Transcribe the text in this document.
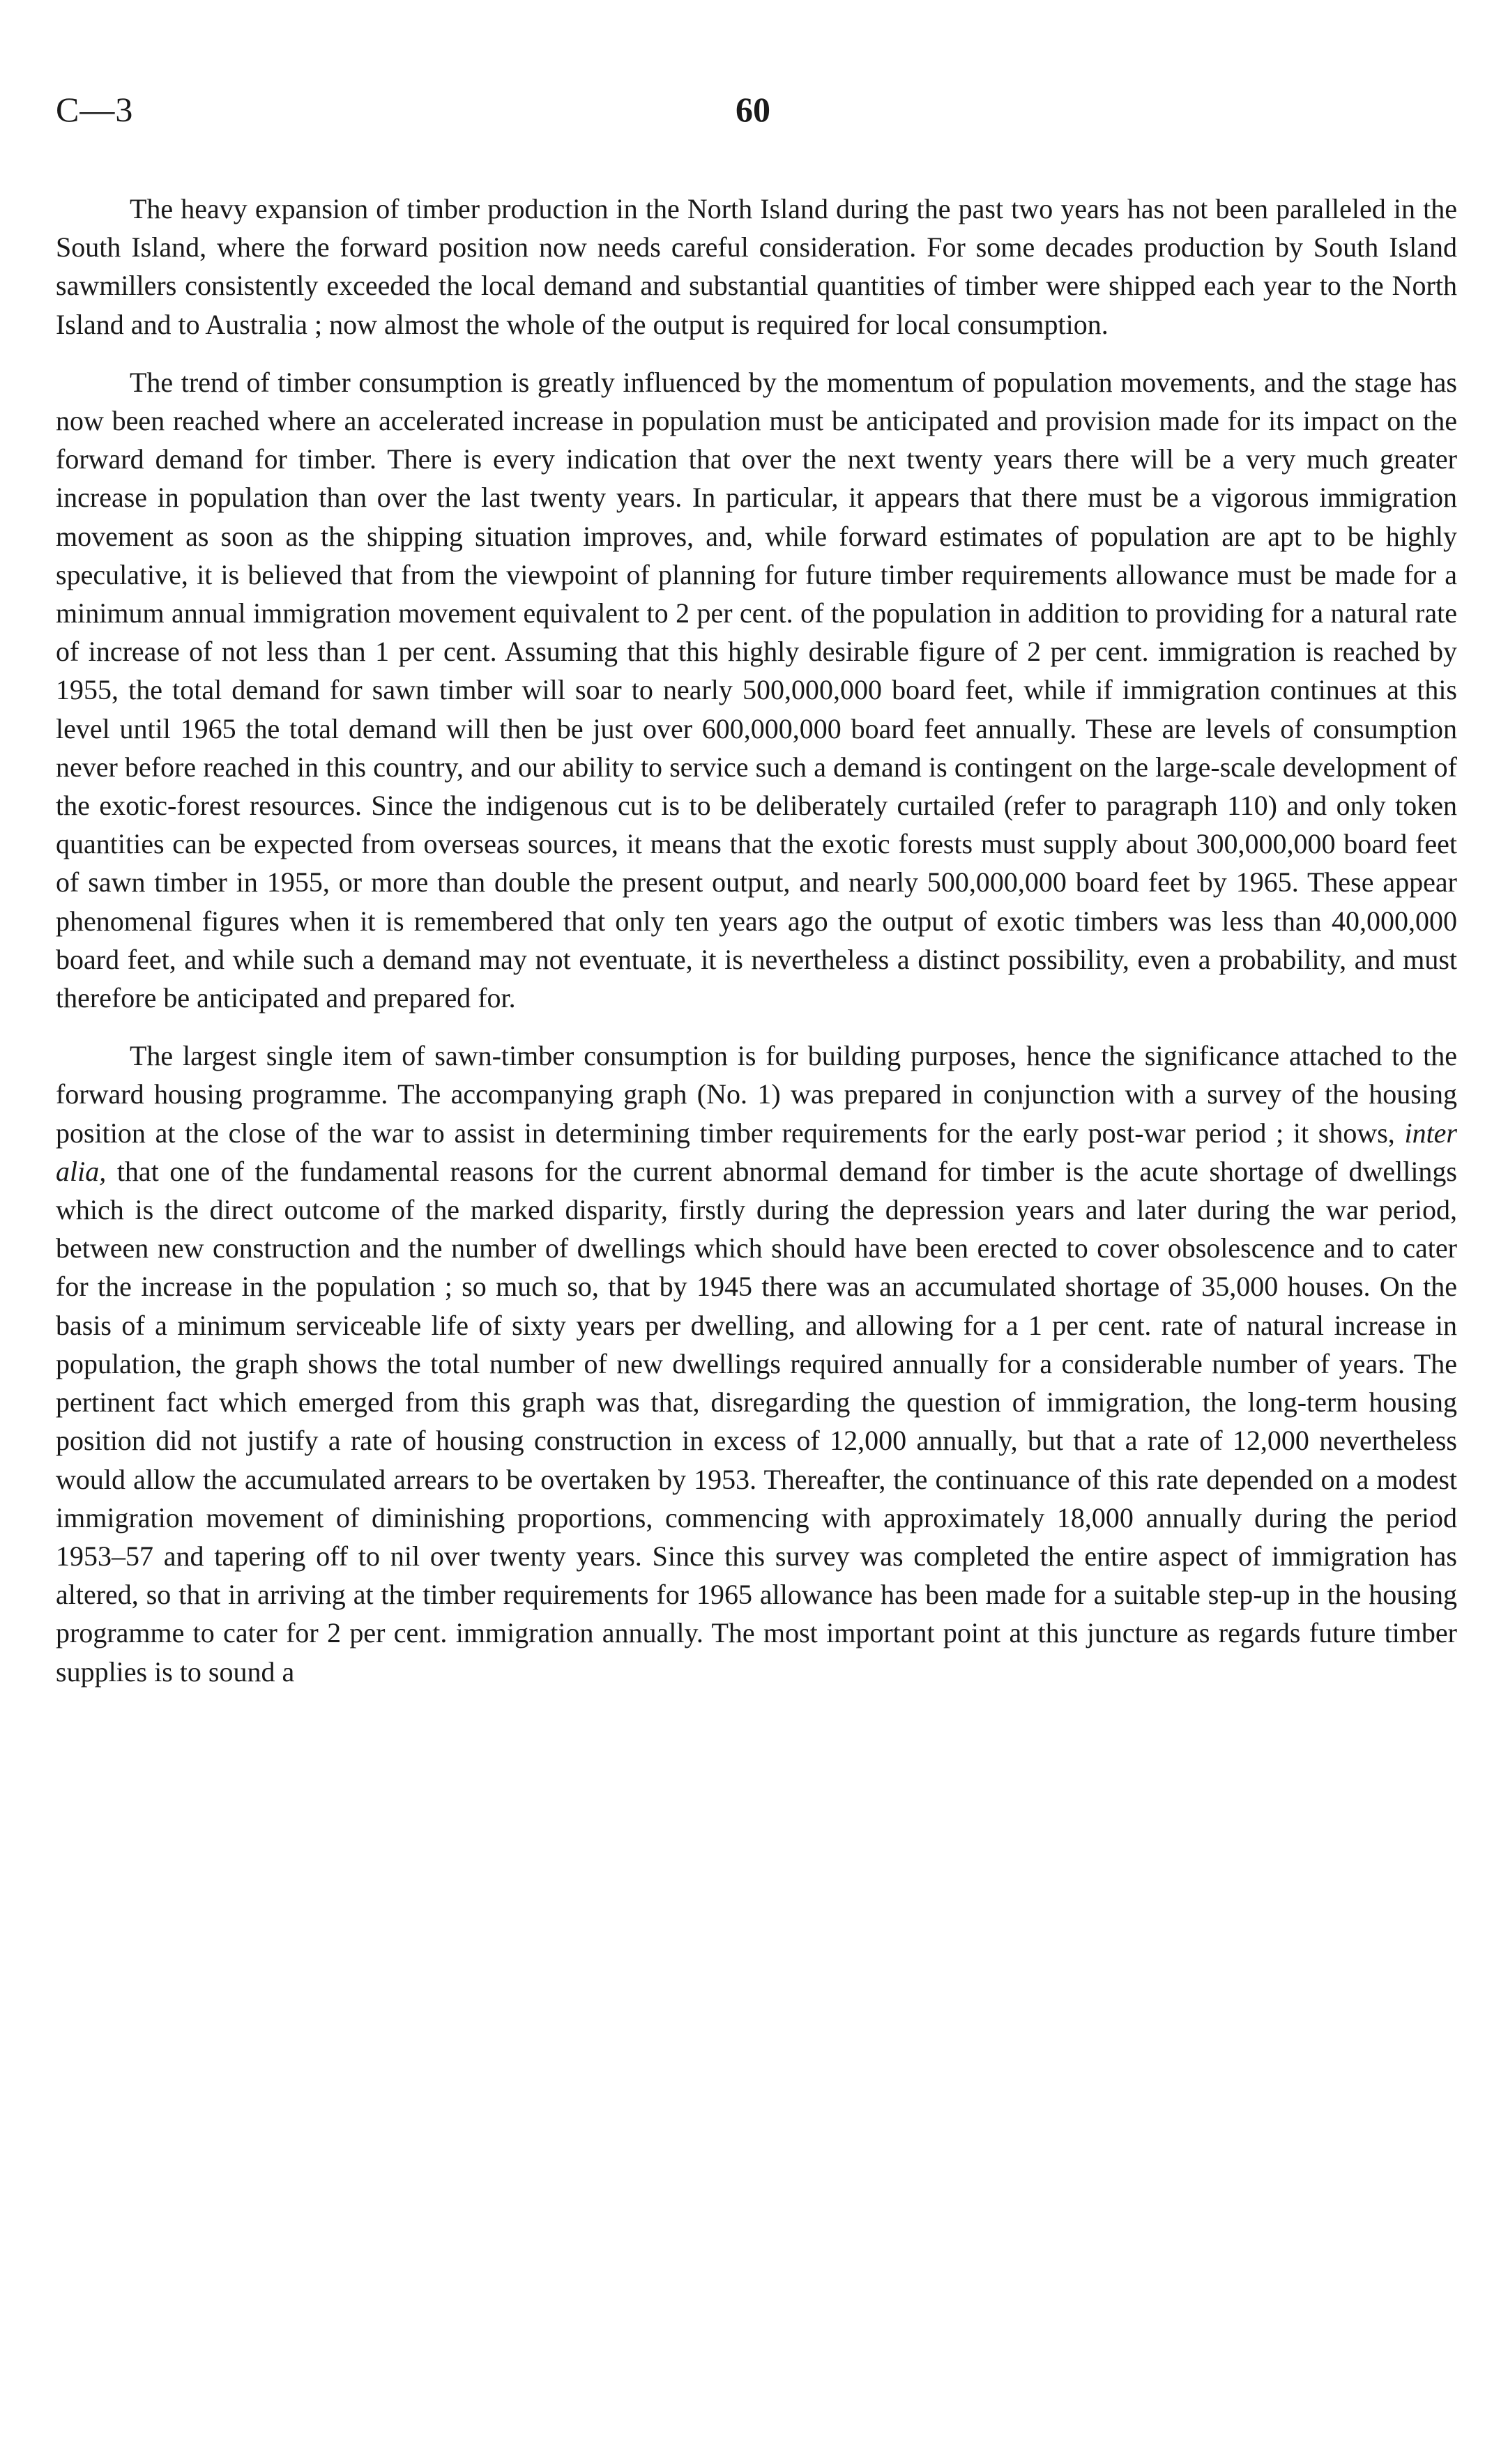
C—3	60

The heavy expansion of timber production in the North Island during the past two years has not been paralleled in the South Island, where the forward position now needs careful consideration. For some decades production by South Island sawmillers consistently exceeded the local demand and substantial quantities of timber were shipped each year to the North Island and to Australia ; now almost the whole of the output is required for local consumption.

The trend of timber consumption is greatly influenced by the momentum of population movements, and the stage has now been reached where an accelerated increase in population must be anticipated and provision made for its impact on the forward demand for timber. There is every indication that over the next twenty years there will be a very much greater increase in population than over the last twenty years. In particular, it appears that there must be a vigorous immigration movement as soon as the shipping situation improves, and, while forward estimates of population are apt to be highly speculative, it is believed that from the viewpoint of planning for future timber requirements allowance must be made for a minimum annual immigration movement equivalent to 2 per cent. of the population in addition to providing for a natural rate of increase of not less than 1 per cent. Assuming that this highly desirable figure of 2 per cent. immigration is reached by 1955, the total demand for sawn timber will soar to nearly 500,000,000 board feet, while if immigration continues at this level until 1965 the total demand will then be just over 600,000,000 board feet annually. These are levels of consumption never before reached in this country, and our ability to service such a demand is contingent on the large-scale development of the exotic-forest resources. Since the indigenous cut is to be deliberately curtailed (refer to paragraph 110) and only token quantities can be expected from overseas sources, it means that the exotic forests must supply about 300,000,000 board feet of sawn timber in 1955, or more than double the present output, and nearly 500,000,000 board feet by 1965. These appear phenomenal figures when it is remembered that only ten years ago the output of exotic timbers was less than 40,000,000 board feet, and while such a demand may not eventuate, it is nevertheless a distinct possibility, even a probability, and must therefore be anticipated and prepared for.

The largest single item of sawn-timber consumption is for building purposes, hence the significance attached to the forward housing programme. The accompanying graph (No. 1) was prepared in conjunction with a survey of the housing position at the close of the war to assist in determining timber requirements for the early post-war period ; it shows, inter alia, that one of the fundamental reasons for the current abnormal demand for timber is the acute shortage of dwellings which is the direct outcome of the marked disparity, firstly during the depression years and later during the war period, between new construction and the number of dwellings which should have been erected to cover obsolescence and to cater for the increase in the population ; so much so, that by 1945 there was an accumulated shortage of 35,000 houses. On the basis of a minimum serviceable life of sixty years per dwelling, and allowing for a 1 per cent. rate of natural increase in population, the graph shows the total number of new dwellings required annually for a considerable number of years. The pertinent fact which emerged from this graph was that, disregarding the question of immigration, the long-term housing position did not justify a rate of housing construction in excess of 12,000 annually, but that a rate of 12,000 nevertheless would allow the accumulated arrears to be overtaken by 1953. Thereafter, the continuance of this rate depended on a modest immigration movement of diminishing proportions, commencing with approximately 18,000 annually during the period 1953–57 and tapering off to nil over twenty years. Since this survey was completed the entire aspect of immigration has altered, so that in arriving at the timber requirements for 1965 allowance has been made for a suitable step-up in the housing programme to cater for 2 per cent. immigration annually. The most important point at this juncture as regards future timber supplies is to sound a
